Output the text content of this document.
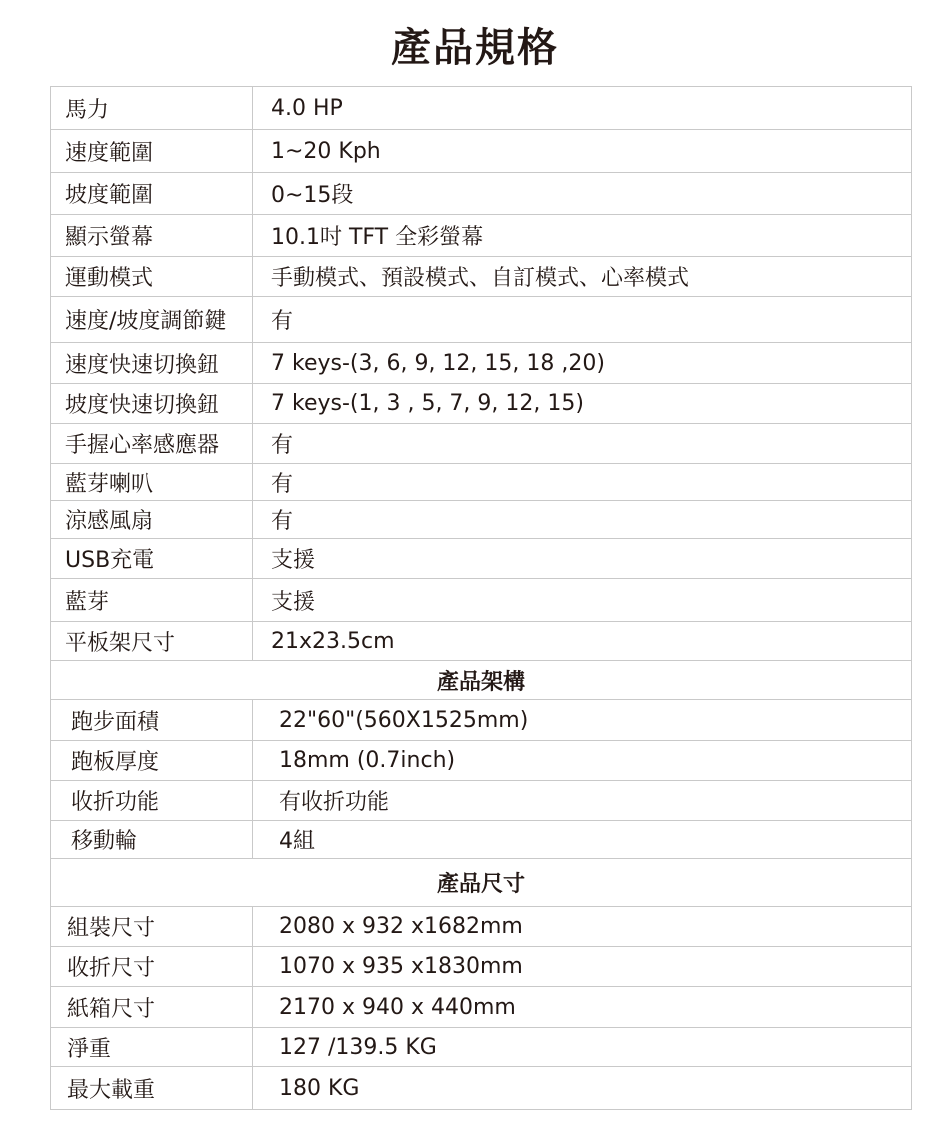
產品規格
馬力	4.0 HP
速度範圍	1~20 Kph
坡度範圍	0~15段
顯示螢幕	10.1吋 TFT 全彩螢幕
運動模式	手動模式、預設模式、自訂模式、心率模式
速度/坡度調節鍵	有
速度快速切換鈕	7 keys-(3, 6, 9, 12, 15, 18 ,20)
坡度快速切換鈕	7 keys-(1, 3 , 5, 7, 9, 12, 15)
手握心率感應器	有
藍芽喇叭	有
涼感風扇	有
USB充電	支援
藍芽	支援
平板架尺寸	21x23.5cm
產品架構
跑步面積	22"60"(560X1525mm)
跑板厚度	18mm (0.7inch)
收折功能	有收折功能
移動輪	4組
產品尺寸
組裝尺寸	2080 x 932 x1682mm
收折尺寸	1070 x 935 x1830mm
紙箱尺寸	2170 x 940 x 440mm
淨重	127 /139.5 KG
最大載重	180 KG
